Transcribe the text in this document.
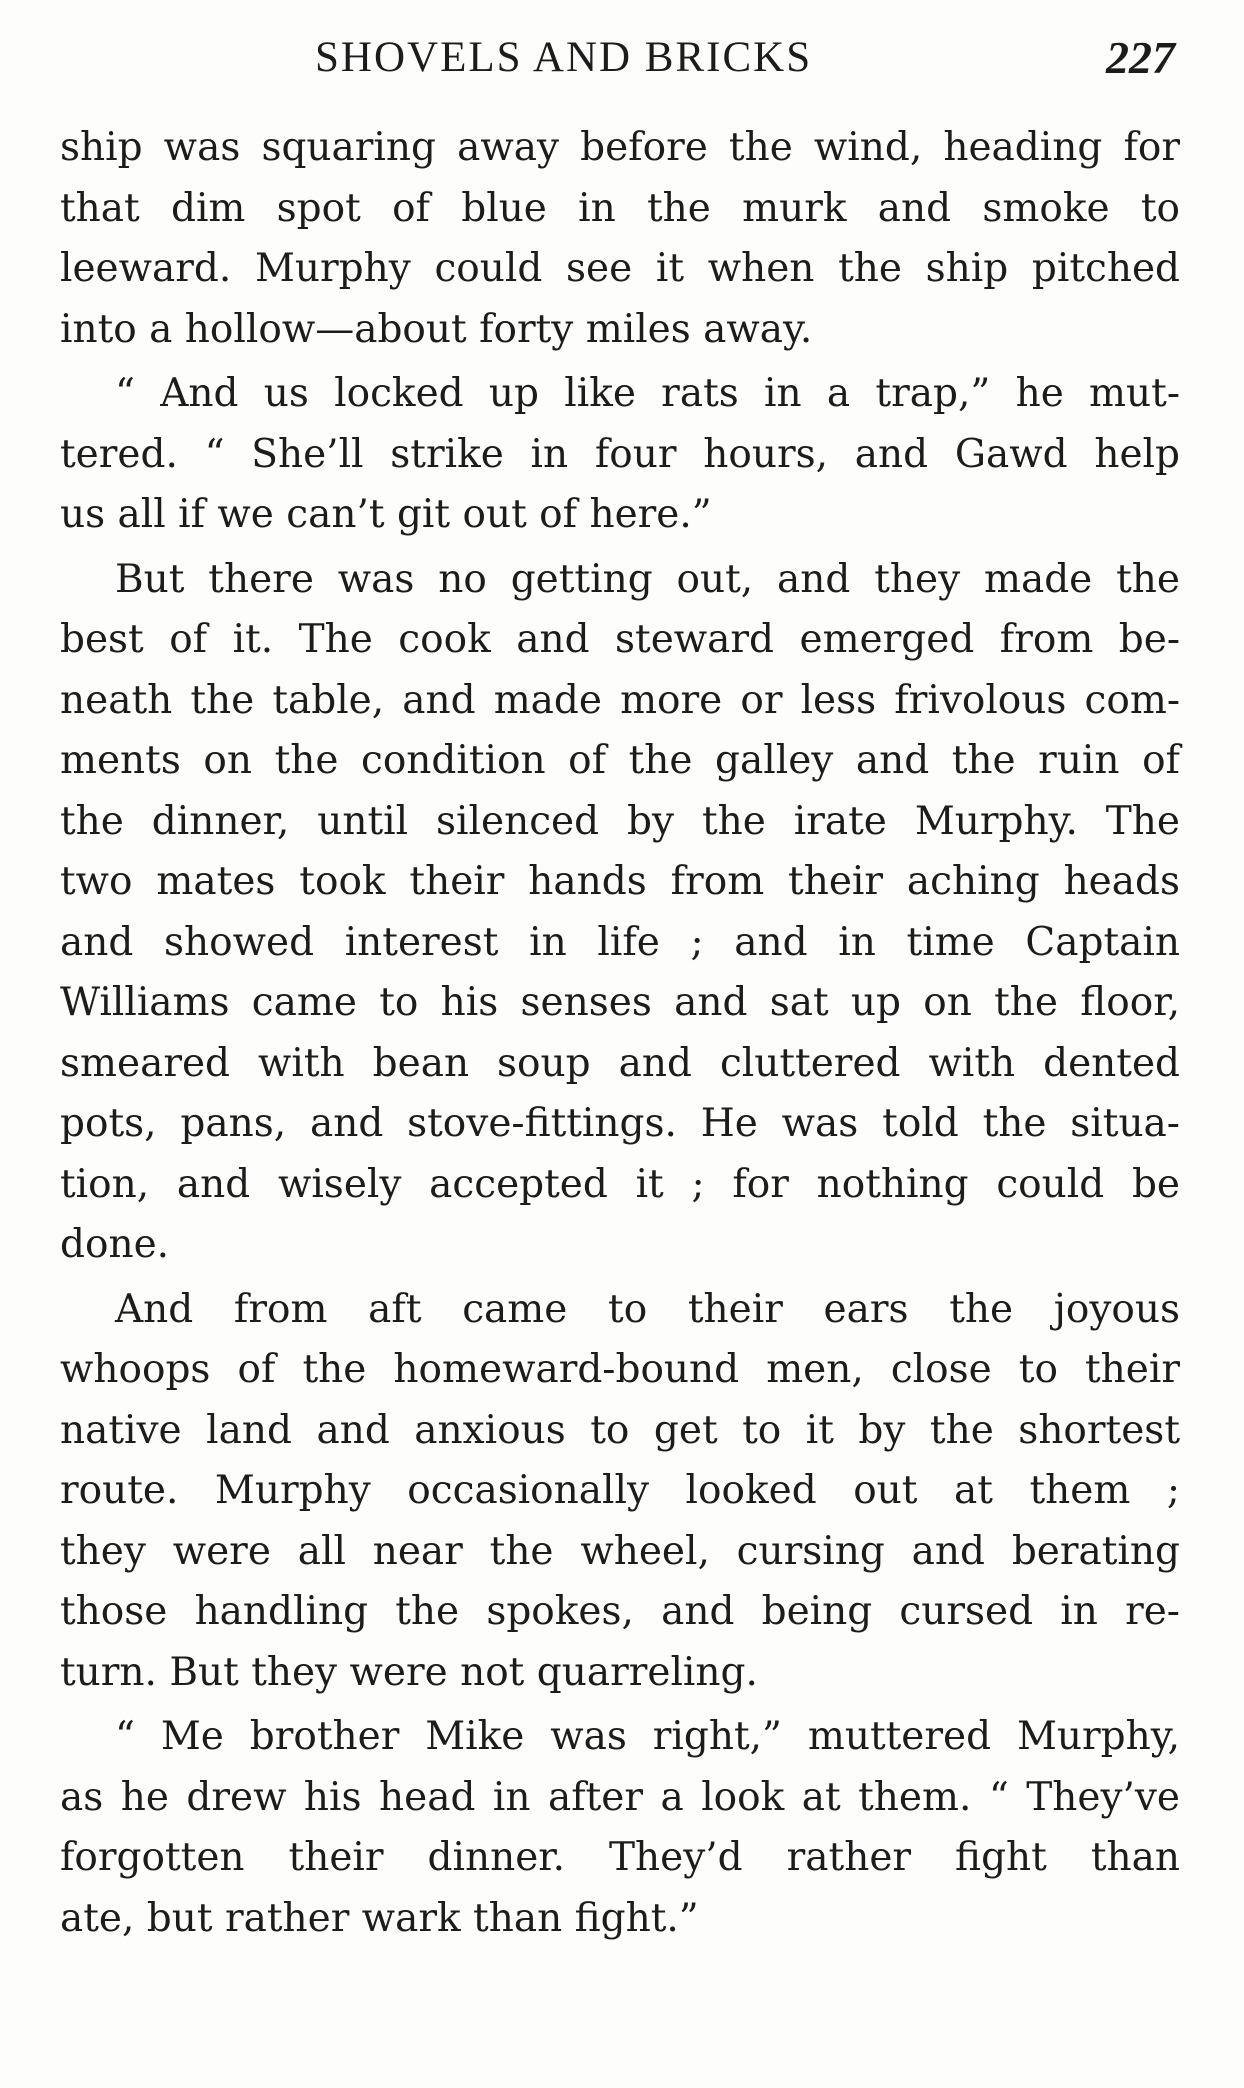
SHOVELS AND BRICKS	227

ship was squaring away before the wind, heading for
that dim spot of blue in the murk and smoke to
leeward. Murphy could see it when the ship pitched
into a hollow—about forty miles away.

“ And us locked up like rats in a trap,” he mut-
tered. “ She’ll strike in four hours, and Gawd help
us all if we can’t git out of here.”

But there was no getting out, and they made the
best of it. The cook and steward emerged from be-
neath the table, and made more or less frivolous com-
ments on the condition of the galley and the ruin of
the dinner, until silenced by the irate Murphy. The
two mates took their hands from their aching heads
and showed interest in life ; and in time Captain
Williams came to his senses and sat up on the floor,
smeared with bean soup and cluttered with dented
pots, pans, and stove-fittings. He was told the situa-
tion, and wisely accepted it ; for nothing could be
done.

And from aft came to their ears the joyous
whoops of the homeward-bound men, close to their
native land and anxious to get to it by the shortest
route. Murphy occasionally looked out at them ;
they were all near the wheel, cursing and berating
those handling the spokes, and being cursed in re-
turn. But they were not quarreling.

“ Me brother Mike was right,” muttered Murphy,
as he drew his head in after a look at them. “ They’ve
forgotten their dinner. They’d rather fight than
ate, but rather wark than fight.”
